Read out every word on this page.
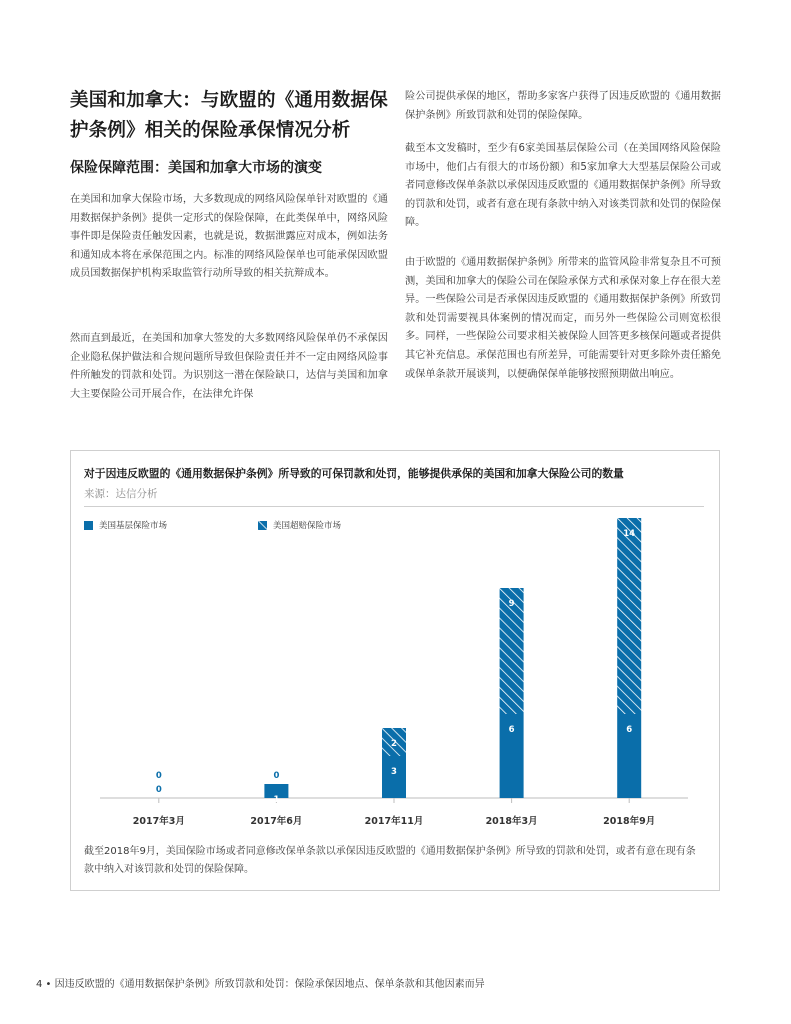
美国和加拿大：与欧盟的《通用数据保护条例》相关的保险承保情况分析
保险保障范围：美国和加拿大市场的演变
在美国和加拿大保险市场，大多数现成的网络风险保单针对欧盟的《通用数据保护条例》提供一定形式的保险保障，在此类保单中，网络风险事件即是保险责任触发因素，也就是说，数据泄露应对成本，例如法务和通知成本将在承保范围之内。标准的网络风险保单也可能承保因欧盟成员国数据保护机构采取监管行动所导致的相关抗辩成本。
然而直到最近，在美国和加拿大签发的大多数网络风险保单仍不承保因企业隐私保护做法和合规问题所导致但保险责任并不一定由网络风险事件所触发的罚款和处罚。为识别这一潜在保险缺口，达信与美国和加拿大主要保险公司开展合作，在法律允许保
险公司提供承保的地区，帮助多家客户获得了因违反欧盟的《通用数据保护条例》所致罚款和处罚的保险保障。
截至本文发稿时，至少有6家美国基层保险公司（在美国网络风险保险市场中，他们占有很大的市场份额）和5家加拿大大型基层保险公司或者同意修改保单条款以承保因违反欧盟的《通用数据保护条例》所导致的罚款和处罚，或者有意在现有条款中纳入对该类罚款和处罚的保险保障。
由于欧盟的《通用数据保护条例》所带来的监管风险非常复杂且不可预测，美国和加拿大的保险公司在保险承保方式和承保对象上存在很大差异。一些保险公司是否承保因违反欧盟的《通用数据保护条例》所致罚款和处罚需要视具体案例的情况而定，而另外一些保险公司则宽松很多。同样，一些保险公司要求相关被保险人回答更多核保问题或者提供其它补充信息。承保范围也有所差异，可能需要针对更多除外责任豁免或保单条款开展谈判，以便确保保单能够按照预期做出响应。
对于因违反欧盟的《通用数据保护条例》所导致的可保罚款和处罚，能够提供承保的美国和加拿大保险公司的数量
来源：达信分析
美国基层保险市场	美国超赔保险市场
2017年3月
0
0
2017年6月
1
0
2017年11月
3
2
2018年3月
6
9
2018年9月
6
14
截至2018年9月，美国保险市场或者同意修改保单条款以承保因违反欧盟的《通用数据保护条例》所导致的罚款和处罚，或者有意在现有条款中纳入对该罚款和处罚的保险保障。
4 • 因违反欧盟的《通用数据保护条例》所致罚款和处罚：保险承保因地点、保单条款和其他因素而异
